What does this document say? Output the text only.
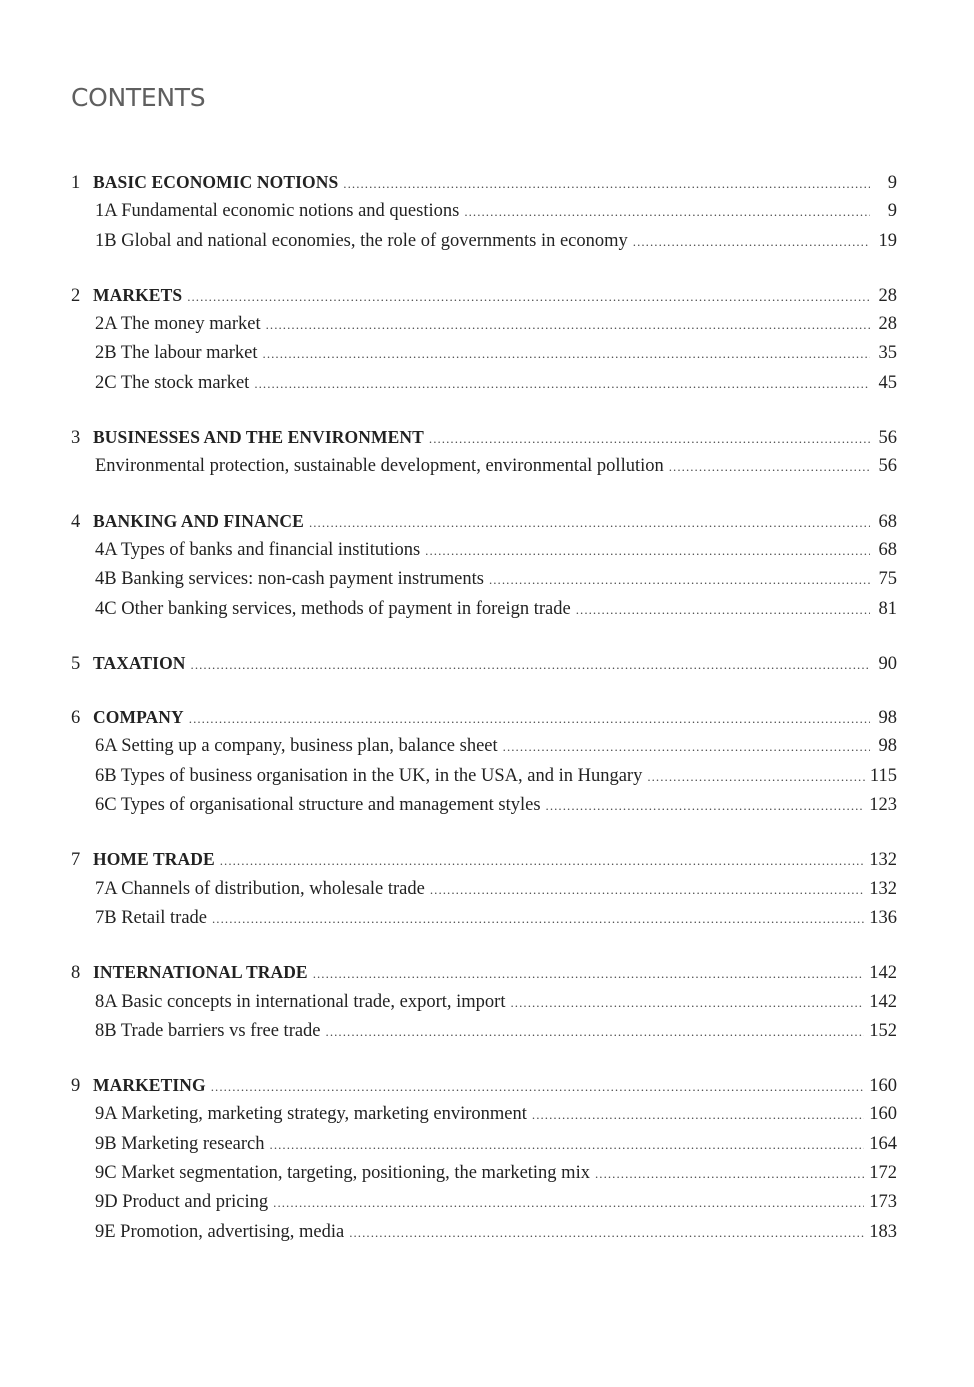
CONTENTS
1 BASIC ECONOMIC NOTIONS .....	9
1A Fundamental economic notions and questions .....	9
1B Global and national economies, the role of governments in economy .....	19
2 MARKETS .....	28
2A The money market .....	28
2B The labour market .....	35
2C The stock market .....	45
3 BUSINESSES AND THE ENVIRONMENT .....	56
Environmental protection, sustainable development, environmental pollution .....	56
4 BANKING AND FINANCE .....	68
4A Types of banks and financial institutions .....	68
4B Banking services: non-cash payment instruments .....	75
4C Other banking services, methods of payment in foreign trade .....	81
5 TAXATION .....	90
6 COMPANY .....	98
6A Setting up a company, business plan, balance sheet .....	98
6B Types of business organisation in the UK, in the USA, and in Hungary .....	115
6C Types of organisational structure and management styles .....	123
7 HOME TRADE .....	132
7A Channels of distribution, wholesale trade .....	132
7B Retail trade .....	136
8 INTERNATIONAL TRADE .....	142
8A Basic concepts in international trade, export, import .....	142
8B Trade barriers vs free trade .....	152
9 MARKETING .....	160
9A Marketing, marketing strategy, marketing environment .....	160
9B Marketing research .....	164
9C Market segmentation, targeting, positioning, the marketing mix .....	172
9D Product and pricing .....	173
9E Promotion, advertising, media .....	183
